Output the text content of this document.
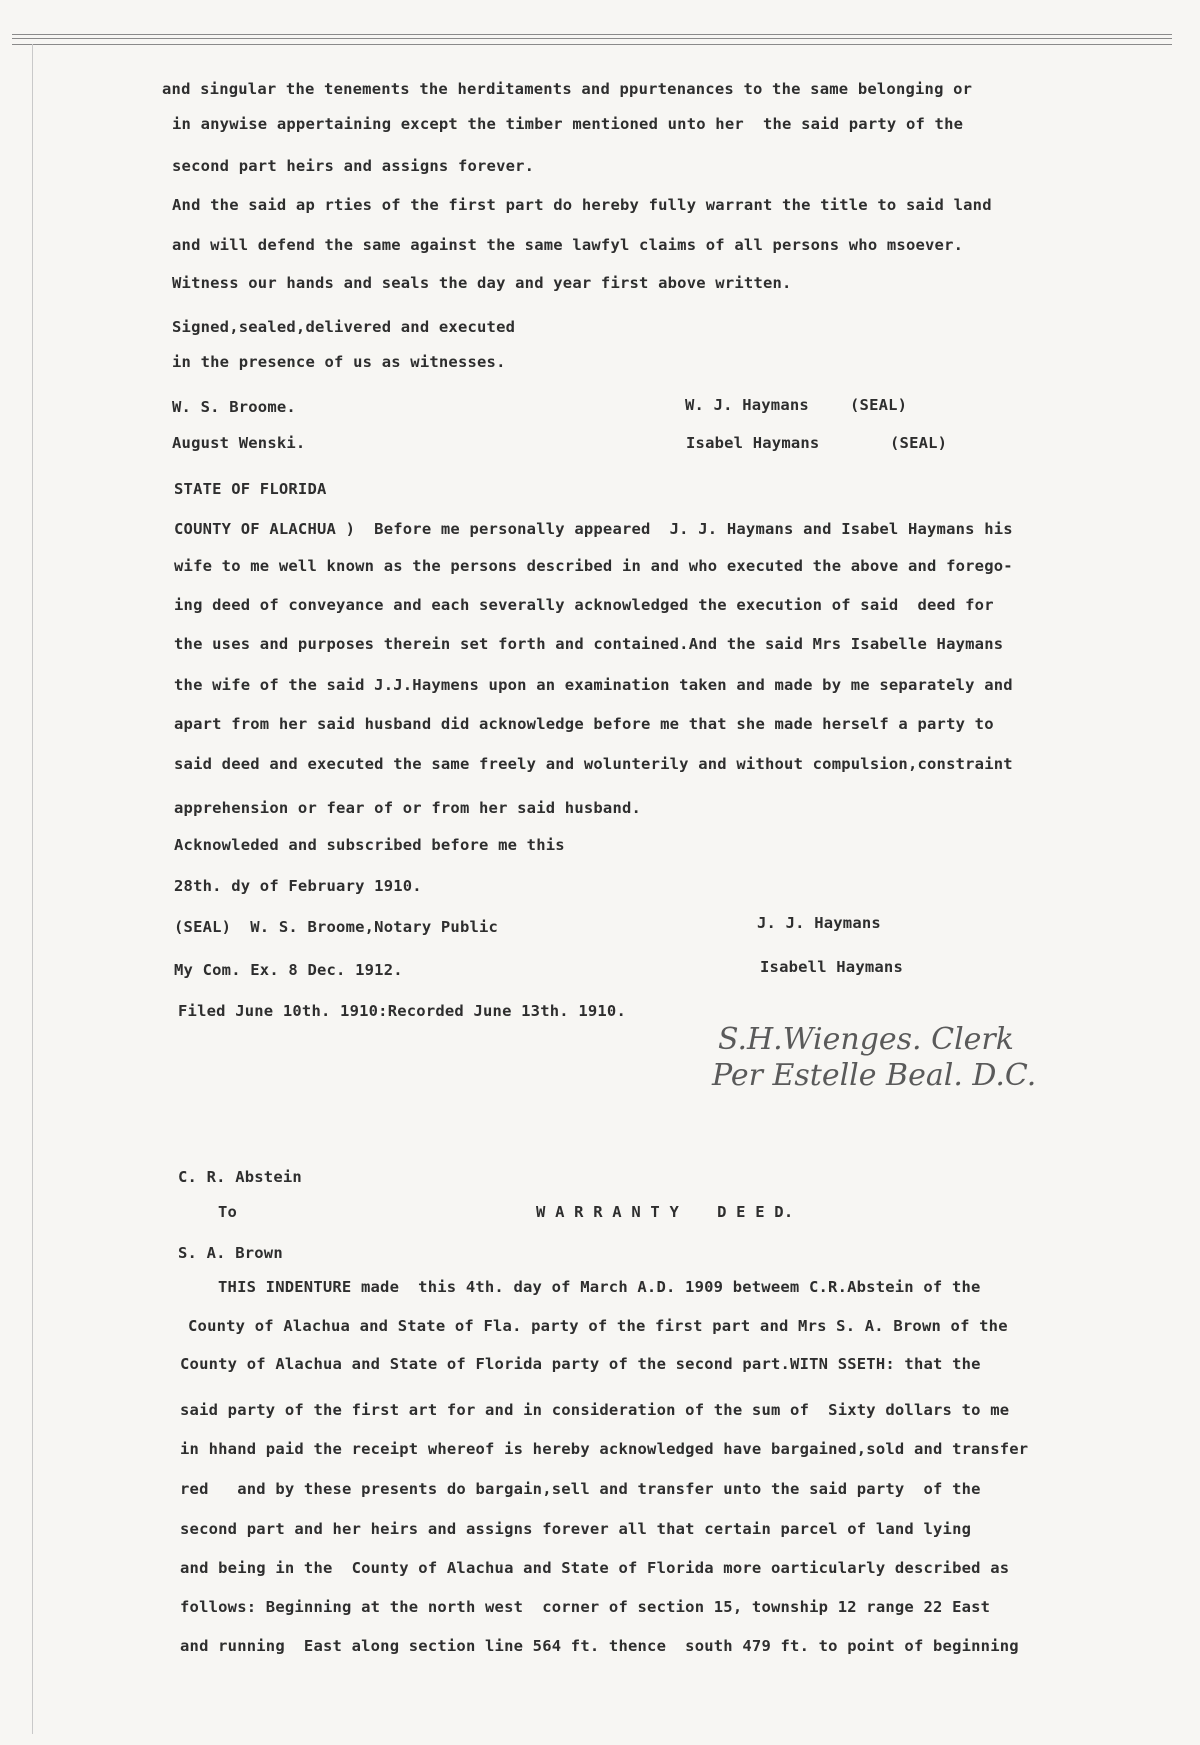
and singular the tenements the herditaments and ppurtenances to the same belonging or
in anywise appertaining except the timber mentioned unto her  the said party of the
second part heirs and assigns forever.
And the said ap rties of the first part do hereby fully warrant the title to said land
and will defend the same against the same lawfyl claims of all persons who msoever.
Witness our hands and seals the day and year first above written.
Signed,sealed,delivered and executed
in the presence of us as witnesses.
W. S. Broome.
August Wenski.
W. J. Haymans	(SEAL)
Isabel Haymans	(SEAL)
STATE OF FLORIDA
COUNTY OF ALACHUA )  Before me personally appeared  J. J. Haymans and Isabel Haymans his
wife to me well known as the persons described in and who executed the above and forego-
ing deed of conveyance and each severally acknowledged the execution of said  deed for
the uses and purposes therein set forth and contained.And the said Mrs Isabelle Haymans
the wife of the said J.J.Haymens upon an examination taken and made by me separately and
apart from her said husband did acknowledge before me that she made herself a party to
said deed and executed the same freely and wolunterily and without compulsion,constraint
apprehension or fear of or from her said husband.
Acknowleded and subscribed before me this
28th. dy of February 1910.
(SEAL)  W. S. Broome,Notary Public	J. J. Haymans
My Com. Ex. 8 Dec. 1912.	Isabell Haymans
Filed June 10th. 1910:Recorded June 13th. 1910.
S.H.Wienges. Clerk
Per Estelle Beal. D.C.
C. R. Abstein
To	W A R R A N T Y    D E E D.
S. A. Brown
THIS INDENTURE made  this 4th. day of March A.D. 1909 betweem C.R.Abstein of the
County of Alachua and State of Fla. party of the first part and Mrs S. A. Brown of the
County of Alachua and State of Florida party of the second part.WITN SSETH: that the
said party of the first art for and in consideration of the sum of  Sixty dollars to me
in hhand paid the receipt whereof is hereby acknowledged have bargained,sold and transfer
red   and by these presents do bargain,sell and transfer unto the said party  of the
second part and her heirs and assigns forever all that certain parcel of land lying
and being in the  County of Alachua and State of Florida more oarticularly described as
follows: Beginning at the north west  corner of section 15, township 12 range 22 East
and running  East along section line 564 ft. thence  south 479 ft. to point of beginning
